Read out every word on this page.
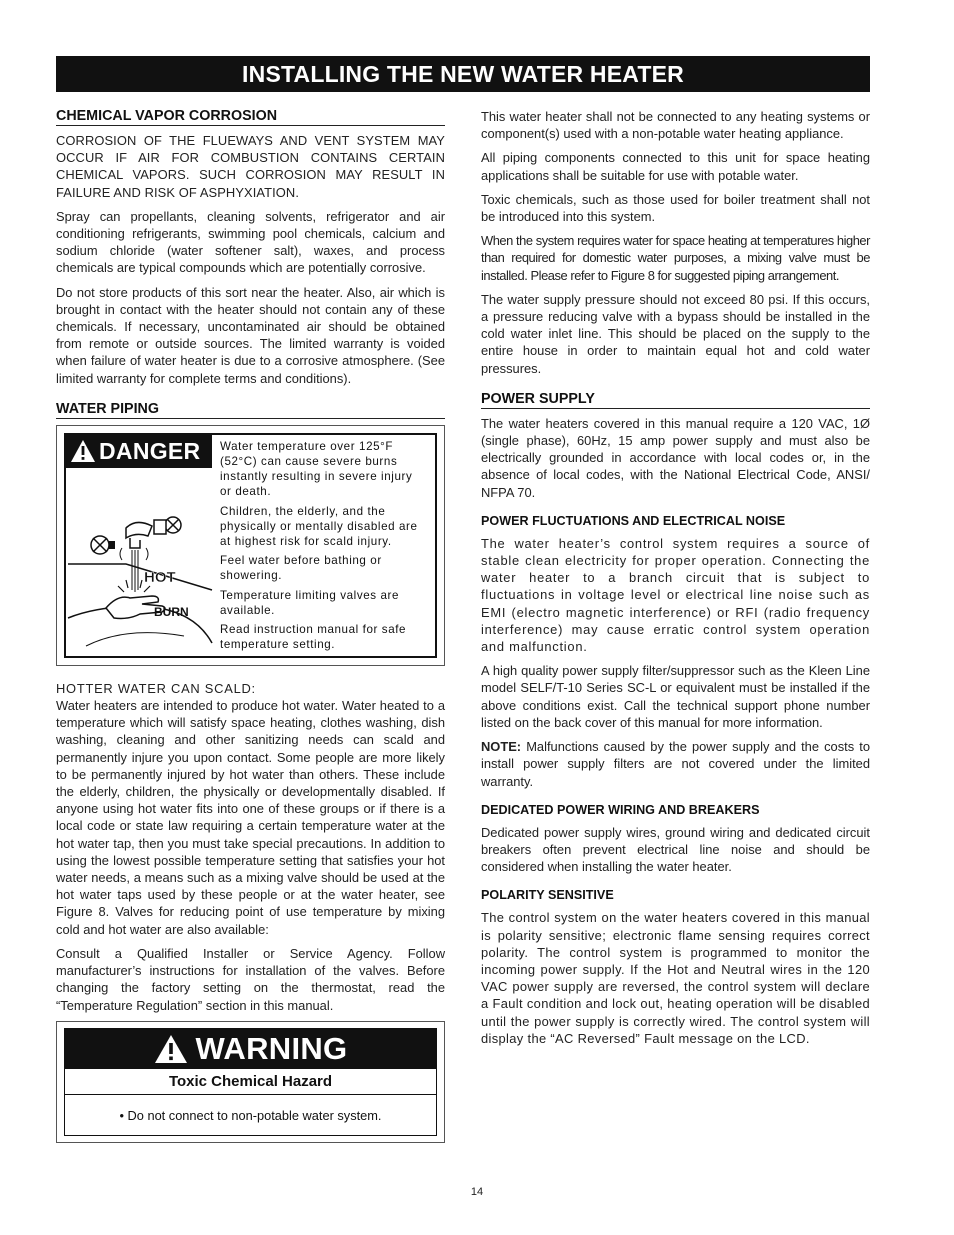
INSTALLING THE NEW WATER HEATER
CHEMICAL VAPOR CORROSION

CORROSION OF THE FLUEWAYS AND VENT SYSTEM MAY OCCUR IF AIR FOR COMBUSTION CONTAINS CERTAIN CHEMICAL VAPORS. SUCH CORROSION MAY RESULT IN FAILURE AND RISK OF ASPHYXIATION.

Spray can propellants, cleaning solvents, refrigerator and air conditioning refrigerants, swimming pool chemicals, calcium and sodium chloride (water softener salt), waxes, and process chemicals are typical compounds which are potentially corrosive.

Do not store products of this sort near the heater. Also, air which is brought in contact with the heater should not contain any of these chemicals. If necessary, uncontaminated air should be obtained from remote or outside sources. The limited warranty is voided when failure of water heater is due to a corrosive atmosphere. (See limited warranty for complete terms and conditions).

WATER PIPING
DANGER
HOT
BURN
Water temperature over 125°F (52°C) can cause severe burns instantly resulting in severe injury or death.
Children, the elderly, and the physically or mentally disabled are at highest risk for scald injury.
Feel water before bathing or showering.
Temperature limiting valves are available.
Read instruction manual for safe temperature setting.

HOTTER WATER CAN SCALD:

Water heaters are intended to produce hot water. Water heated to a temperature which will satisfy space heating, clothes washing, dish washing, cleaning and other sanitizing needs can scald and permanently injure you upon contact. Some people are more likely to be permanently injured by hot water than others. These include the elderly, children, the physically or developmentally disabled. If anyone using hot water fits into one of these groups or if there is a local code or state law requiring a certain temperature water at the hot water tap, then you must take special precautions. In addition to using the lowest possible temperature setting that satisfies your hot water needs, a means such as a mixing valve should be used at the hot water taps used by these people or at the water heater, see Figure 8. Valves for reducing point of use temperature by mixing cold and hot water are also available:

Consult a Qualified Installer or Service Agency. Follow manufacturer’s instructions for installation of the valves. Before changing the factory setting on the thermostat, read the “Temperature Regulation” section in this manual.

WARNING
Toxic Chemical Hazard
• Do not connect to non-potable water system.

This water heater shall not be connected to any heating systems or component(s) used with a non-potable water heating appliance.

All piping components connected to this unit for space heating applications shall be suitable for use with potable water.

Toxic chemicals, such as those used for boiler treatment shall not be introduced into this system.

When the system requires water for space heating at temperatures higher than required for domestic water purposes, a mixing valve must be installed. Please refer to Figure 8 for suggested piping arrangement.

The water supply pressure should not exceed 80 psi. If this occurs, a pressure reducing valve with a bypass should be installed in the cold water inlet line. This should be placed on the supply to the entire house in order to maintain equal hot and cold water pressures.

POWER SUPPLY

The water heaters covered in this manual require a 120 VAC, 1Ø (single phase), 60Hz, 15 amp power supply and must also be electrically grounded in accordance with local codes or, in the absence of local codes, with the National Electrical Code, ANSI/ NFPA 70.

POWER FLUCTUATIONS AND ELECTRICAL NOISE

The water heater’s control system requires a source of stable clean electricity for proper operation. Connecting the water heater to a branch circuit that is subject to fluctuations in voltage level or electrical line noise such as EMI (electro magnetic interference) or RFI (radio frequency interference) may cause erratic control system operation and malfunction.

A high quality power supply filter/suppressor such as the Kleen Line model SELF/T-10 Series SC-L or equivalent must be installed if the above conditions exist. Call the technical support phone number listed on the back cover of this manual for more information.

NOTE: Malfunctions caused by the power supply and the costs to install power supply filters are not covered under the limited warranty.

DEDICATED POWER WIRING AND BREAKERS

Dedicated power supply wires, ground wiring and dedicated circuit breakers often prevent electrical line noise and should be considered when installing the water heater.

POLARITY SENSITIVE

The control system on the water heaters covered in this manual is polarity sensitive; electronic flame sensing requires correct polarity. The control system is programmed to monitor the incoming power supply. If the Hot and Neutral wires in the 120 VAC power supply are reversed, the control system will declare a Fault condition and lock out, heating operation will be disabled until the power supply is correctly wired. The control system will display the “AC Reversed” Fault message on the LCD.

14
